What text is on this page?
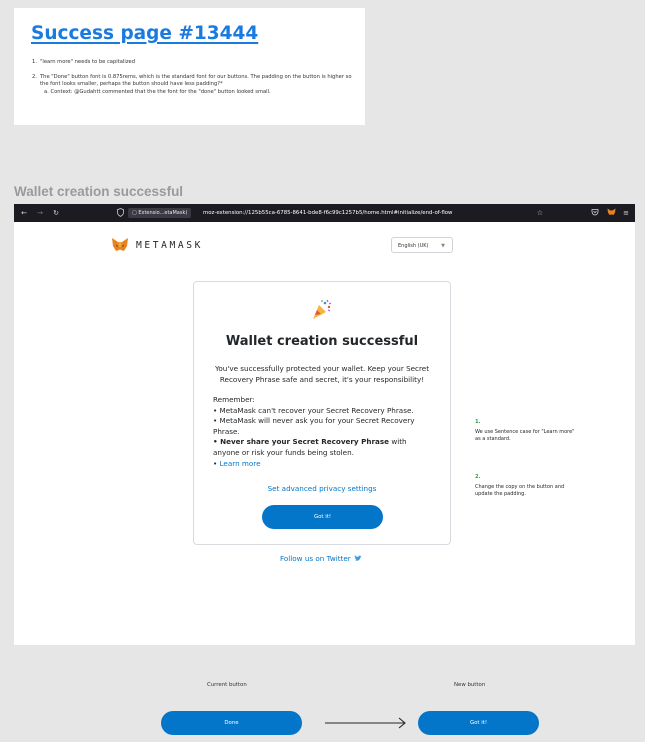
Success page #13444
1. "learn more" needs to be capitalized
2. The "Done" button font is 0.875rems, which is the standard font for our buttons. The padding on the button is higher so the font looks smaller, perhaps the button should have less padding?*
a. Context: @Gudahtt commented that the the font for the "done" button looked small.
Wallet creation successful
← → ↻	▢ Extensio...etaMask)	moz-extension://125b55ca-6785-8641-bde8-f6c99c1257b5/home.html#initialize/end-of-flow	☆	≡
METAMASK	English (UK)	▼
Wallet creation successful

You've successfully protected your wallet. Keep your Secret Recovery Phrase safe and secret, it's your responsibility!

Remember:

• MetaMask can't recover your Secret Recovery Phrase.

• MetaMask will never ask you for your Secret Recovery Phrase.

• Never share your Secret Recovery Phrase with anyone or risk your funds being stolen.

• Learn more

Set advanced privacy settings
Got it!
Follow us on Twitter
1.
We use Sentence case for "Learn more" as a standard.
2.
Change the copy on the button and update the padding.
Current button	New button
Done	Got it!
